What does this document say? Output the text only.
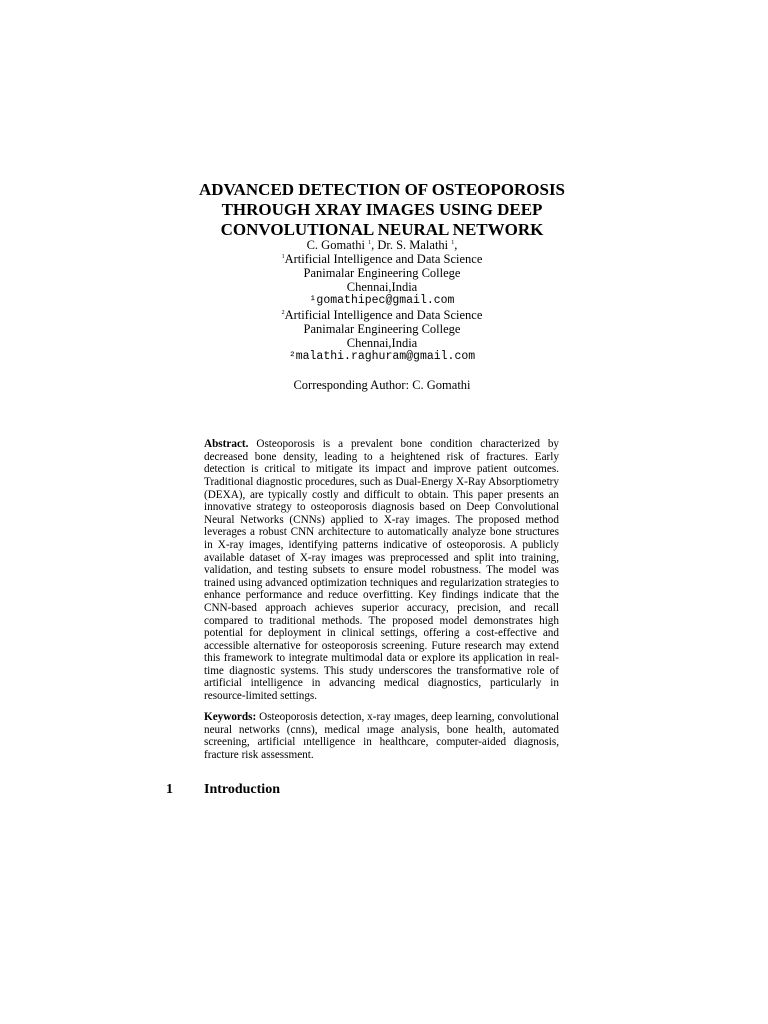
ADVANCED DETECTION OF OSTEOPOROSIS
THROUGH XRAY IMAGES USING DEEP
CONVOLUTIONAL NEURAL NETWORK
C. Gomathi $^1$, Dr. S. Malathi $^1$,
$^1$Artificial Intelligence and Data Science
Panimalar Engineering College
Chennai,India
¹gomathipec@gmail.com
$^2$Artificial Intelligence and Data Science
Panimalar Engineering College
Chennai,India
²malathi.raghuram@gmail.com
Corresponding Author: C. Gomathi

Abstract. Osteoporosis is a prevalent bone condition characterized by decreased bone density, leading to a heightened risk of fractures. Early detection is critical to mitigate its impact and improve patient outcomes. Traditional diagnostic procedures, such as Dual-Energy X-Ray Absorptiometry (DEXA), are typically costly and difficult to obtain. This paper presents an innovative strategy to osteoporosis diagnosis based on Deep Convolutional Neural Networks (CNNs) applied to X-ray images. The proposed method leverages a robust CNN architecture to automatically analyze bone structures in X-ray images, identifying patterns indicative of osteoporosis. A publicly available dataset of X-ray images was preprocessed and split into training, validation, and testing subsets to ensure model robustness. The model was trained using advanced optimization techniques and regularization strategies to enhance performance and reduce overfitting. Key findings indicate that the CNN-based approach achieves superior accuracy, precision, and recall compared to traditional methods. The proposed model demonstrates high potential for deployment in clinical settings, offering a cost-effective and accessible alternative for osteoporosis screening. Future research may extend this framework to integrate multimodal data or explore its application in real-time diagnostic systems. This study underscores the transformative role of artificial intelligence in advancing medical diagnostics, particularly in resource-limited settings.

Keywords: Osteoporosis detection, x-ray ımages, deep learning, convolutional neural networks (cnns), medical ımage analysis, bone health, automated screening, artificial ıntelligence in healthcare, computer-aided diagnosis, fracture risk assessment.

1 Introduction
